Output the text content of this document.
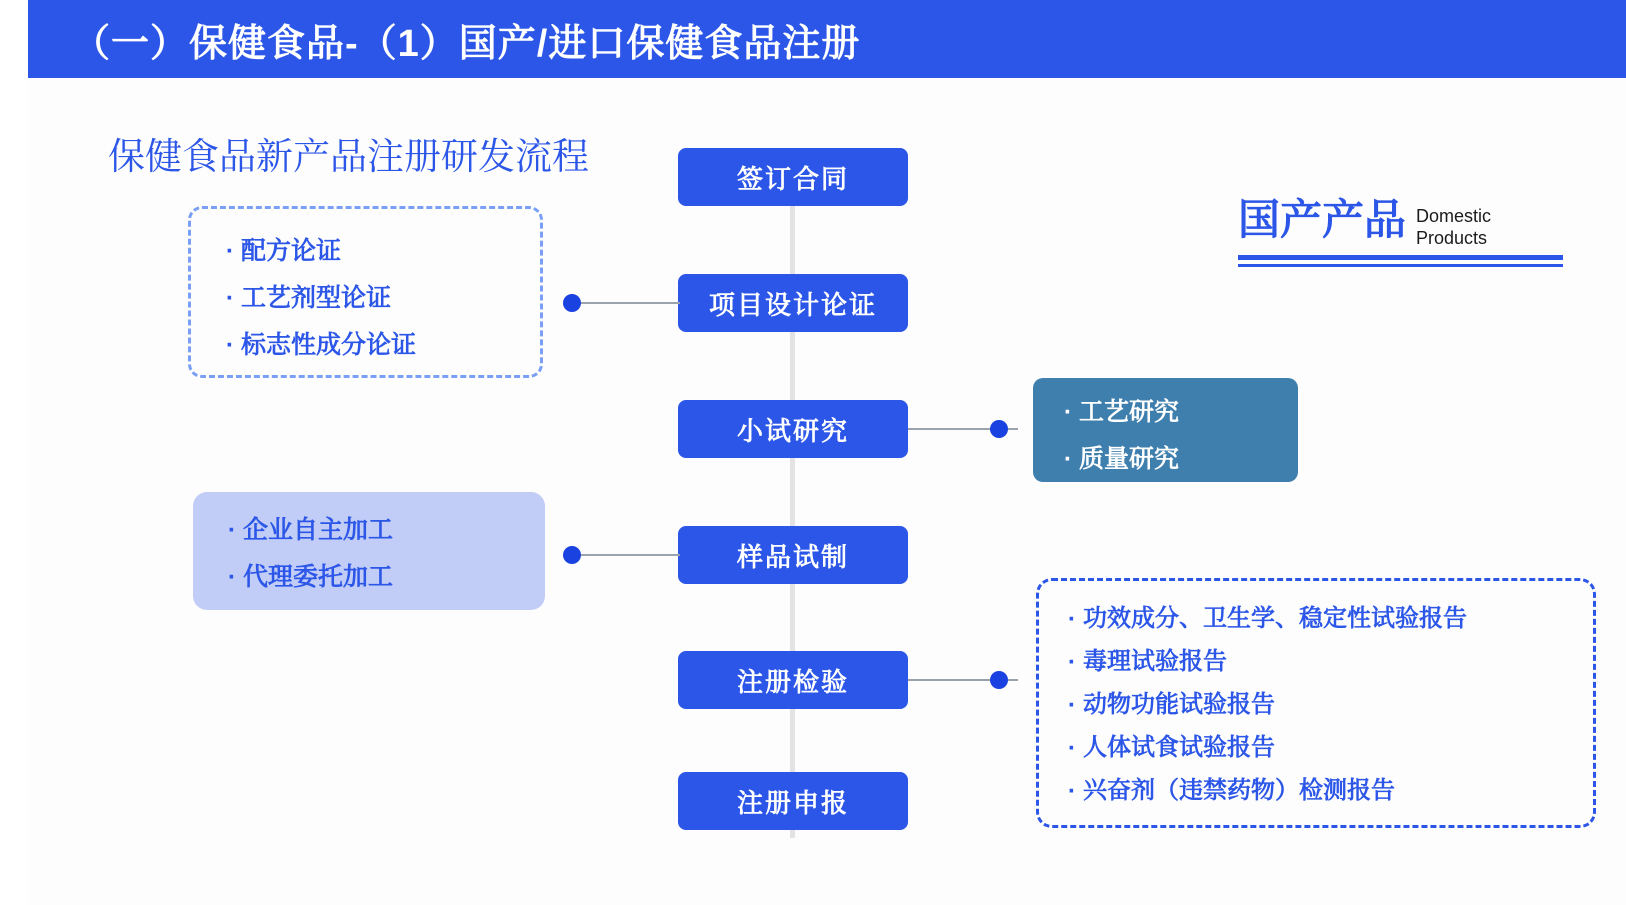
（一）保健食品-（1）国产/进口保健食品注册
保健食品新产品注册研发流程
签订合同
项目设计论证
小试研究
样品试制
注册检验
注册申报
· 配方论证
· 工艺剂型论证
· 标志性成分论证
· 工艺研究
· 质量研究
· 企业自主加工
· 代理委托加工
· 功效成分、卫生学、稳定性试验报告
· 毒理试验报告
· 动物功能试验报告
· 人体试食试验报告
· 兴奋剂（违禁药物）检测报告
国产产品 Domestic
Products
